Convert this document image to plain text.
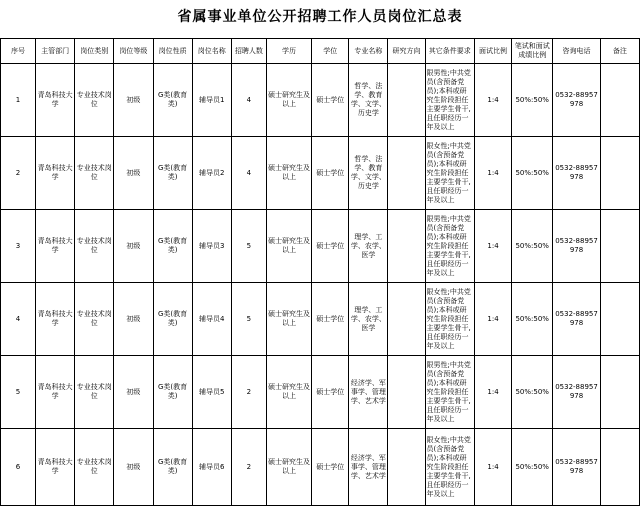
省属事业单位公开招聘工作人员岗位汇总表
序号	主管部门	岗位类别	岗位等级	岗位性质	岗位名称	招聘人数	学历	学位	专业名称	研究方向	其它条件要求	面试比例	笔试和面试成绩比例	咨询电话	备注
1	青岛科技大学	专业技术岗位	初级	G类(教育类)	辅导员1	4	硕士研究生及以上	硕士学位	哲学、法学、教育学、文学、历史学		限男性;中共党员(含预备党员);本科或研究生阶段担任主要学生骨干,且任职经历一年及以上	1:4	50%:50%	0532-88957978	
2	青岛科技大学	专业技术岗位	初级	G类(教育类)	辅导员2	4	硕士研究生及以上	硕士学位	哲学、法学、教育学、文学、历史学		限女性;中共党员(含预备党员);本科或研究生阶段担任主要学生骨干,且任职经历一年及以上	1:4	50%:50%	0532-88957978	
3	青岛科技大学	专业技术岗位	初级	G类(教育类)	辅导员3	5	硕士研究生及以上	硕士学位	理学、工学、农学、医学		限男性;中共党员(含预备党员);本科或研究生阶段担任主要学生骨干,且任职经历一年及以上	1:4	50%:50%	0532-88957978	
4	青岛科技大学	专业技术岗位	初级	G类(教育类)	辅导员4	5	硕士研究生及以上	硕士学位	理学、工学、农学、医学		限女性;中共党员(含预备党员);本科或研究生阶段担任主要学生骨干,且任职经历一年及以上	1:4	50%:50%	0532-88957978	
5	青岛科技大学	专业技术岗位	初级	G类(教育类)	辅导员5	2	硕士研究生及以上	硕士学位	经济学、军事学、管理学、艺术学		限男性;中共党员(含预备党员);本科或研究生阶段担任主要学生骨干,且任职经历一年及以上	1:4	50%:50%	0532-88957978	
6	青岛科技大学	专业技术岗位	初级	G类(教育类)	辅导员6	2	硕士研究生及以上	硕士学位	经济学、军事学、管理学、艺术学		限女性;中共党员(含预备党员);本科或研究生阶段担任主要学生骨干,且任职经历一年及以上	1:4	50%:50%	0532-88957978	
